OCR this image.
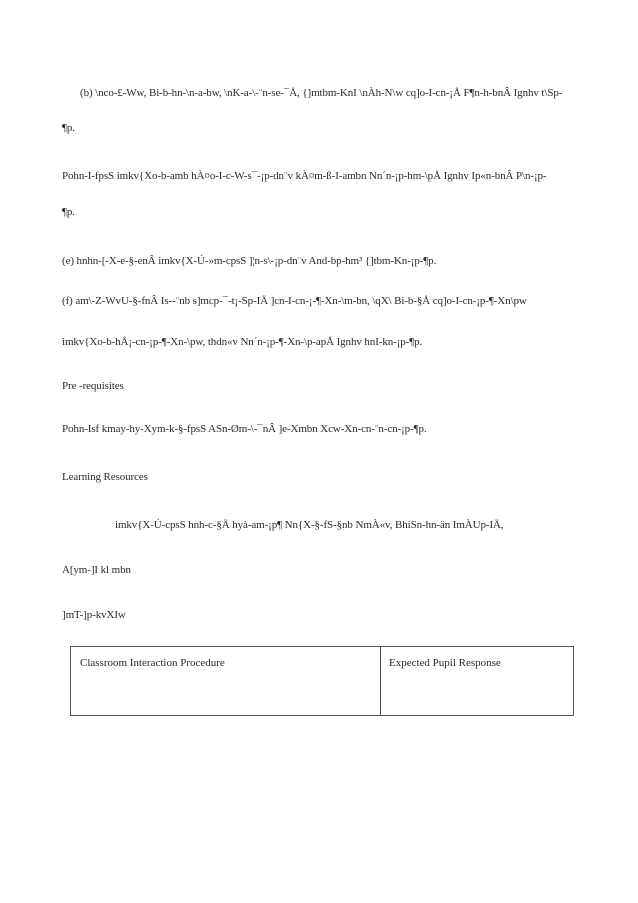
(b) \nco-£-Ww, Bi-b-hn-\n-a-bw, \nK-a-\-¨n-se-¯Å, {]mtbm-KnI \nÀh-N\w cq]o-I-cn-¡Å F¶n-h-bnÂ Ignhv t\Sp-
¶p.
Pohn-I-fpsS imkv{Xo-b-amb hÀ¤o-I-c-W-s¯-¡p-dn¨v kÀ¤m-ß-I-ambn Nn´n-¡p-hm-\pÅ Ignhv Ip«n-bnÂ P\n-¡p-
¶p.
(e) hnhn-[-X-e-§-enÂ imkv{X-Ú-»m-cpsS ]¦n-s\-¡p-dn¨v And-bp-hm³ {]tbm-Kn-¡p-¶p.
(f) am\-Z-WvU-§-fnÂ Is--¨nb s]mcp-¯-t¡-Sp-IÄ ]cn-I-cn-¡-¶-Xn-\m-bn, \qX\ Bi-b-§Å cq]o-I-cn-¡p-¶-Xn\pw
imkv{Xo-b-hÅ¡-cn-¡p-¶-Xn-\pw, thdn«v Nn´n-¡p-¶-Xn-\p-apÅ Ignhv hnI-kn-¡p-¶p.
Pre -requisites
Pohn-Isf kmay-hy-Xym-k-§-fpsS ASn-Øm-\-¯nÂ ]e-Xmbn Xcw-Xn-cn-¨n-cn-¡p-¶p.
Learning Resources
imkv{X-Ú-cpsS hnh-c-§Ä hyà-am-¡p¶ Nn{X-§-fS-§nb NmÀ«v, BhiSn-hn-än ImÀUp-IÄ,
A[ym-]I kl mbn
]mT-]p-kvXIw
Classroom Interaction Procedure	Expected Pupil Response
